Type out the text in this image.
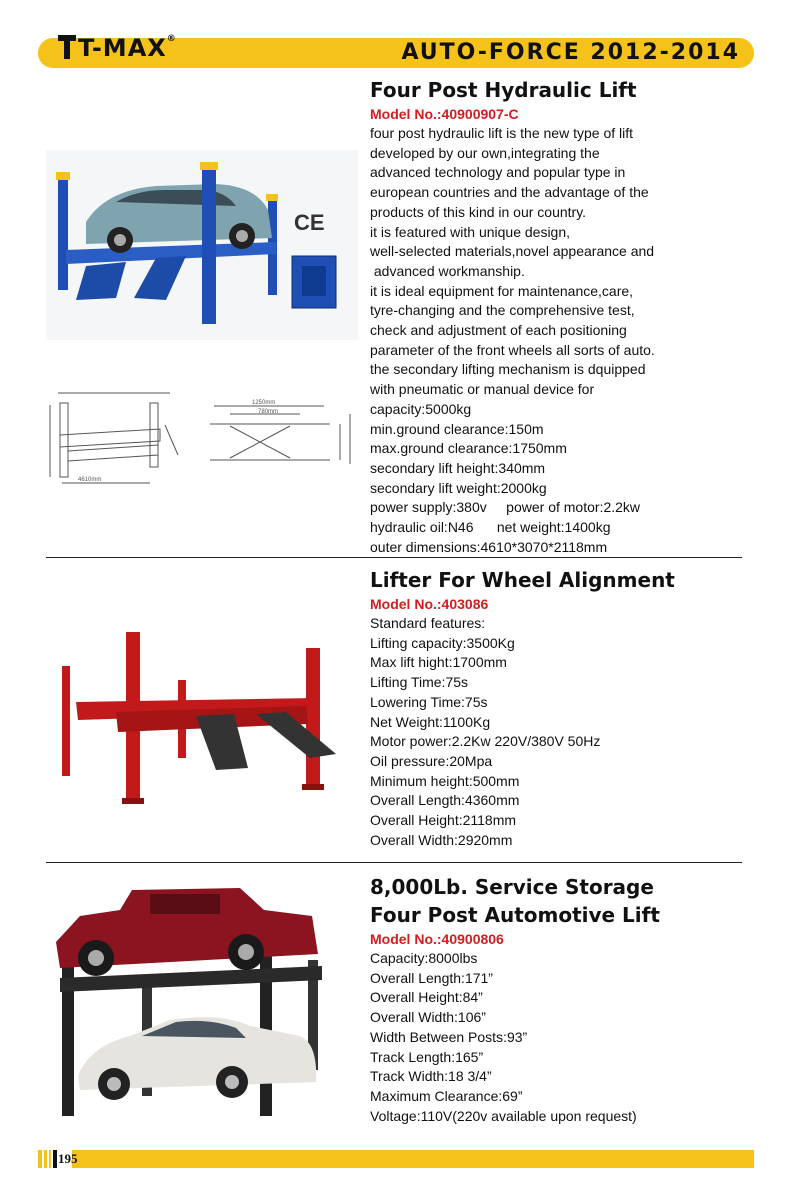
T-MAX®
AUTO-FORCE 2012-2014
CE
4610mm
1250mm
780mm
Four Post Hydraulic Lift
Model No.:40900907-C
four post hydraulic lift is the new type of lift
developed by our own,integrating the
advanced technology and popular type in
european countries and the advantage of the
products of this kind in our country.
it is featured with unique design,
well-selected materials,novel appearance and
advanced workmanship.
it is ideal equipment for maintenance,care,
tyre-changing and the comprehensive test,
check and adjustment of each positioning
parameter of the front wheels all sorts of auto.
the secondary lifting mechanism is dquipped
with pneumatic or manual device for
capacity:5000kg
min.ground clearance:150m
max.ground clearance:1750mm
secondary lift height:340mm
secondary lift weight:2000kg
power supply:380v     power of motor:2.2kw
hydraulic oil:N46      net weight:1400kg
outer dimensions:4610*3070*2118mm
Lifter For Wheel Alignment
Model No.:403086
Standard features:
Lifting capacity:3500Kg
Max lift hight:1700mm
Lifting Time:75s
Lowering Time:75s
Net Weight:1100Kg
Motor power:2.2Kw 220V/380V 50Hz
Oil pressure:20Mpa
Minimum height:500mm
Overall Length:4360mm
Overall Height:2118mm
Overall Width:2920mm
8,000Lb. Service Storage
Four Post Automotive Lift
Model No.:40900806
Capacity:8000lbs
Overall Length:171”
Overall Height:84”
Overall Width:106”
Width Between Posts:93”
Track Length:165”
Track Width:18 3/4”
Maximum Clearance:69”
Voltage:110V(220v available upon request)
195
